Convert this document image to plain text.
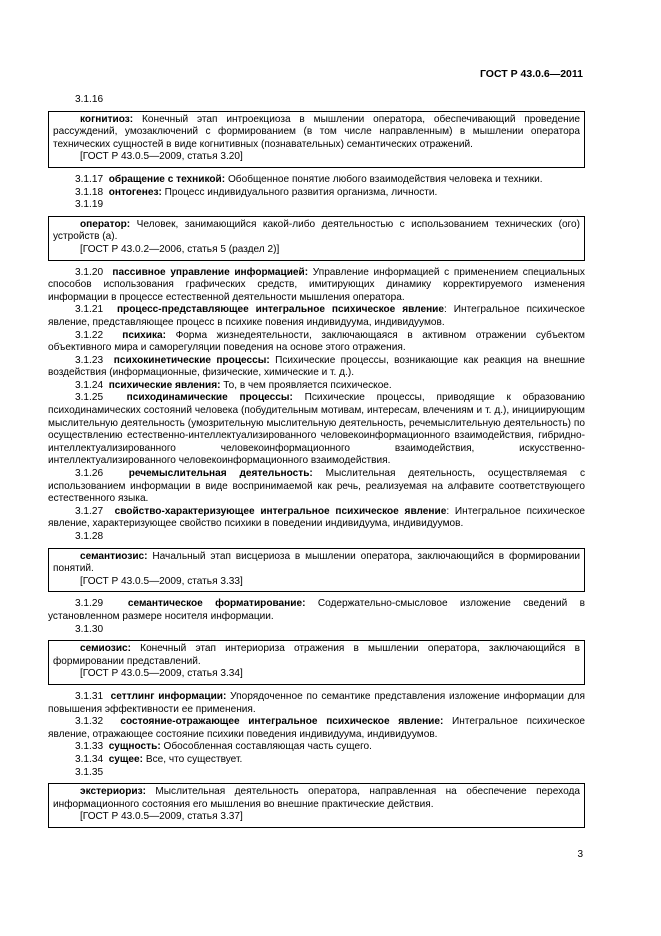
ГОСТ Р 43.0.6—2011

3.1.16

когнитиоз: Конечный этап интроекциоза в мышлении оператора, обеспечивающий проведение рассуждений, умозаключений с формированием (в том числе направленным) в мышлении оператора технических сущностей в виде когнитивных (познавательных) семантических отражений.

[ГОСТ Р 43.0.5—2009, статья 3.20]

3.1.17 обращение с техникой: Обобщенное понятие любого взаимодействия человека и техники.

3.1.18 онтогенез: Процесс индивидуального развития организма, личности.

3.1.19

оператор: Человек, занимающийся какой-либо деятельностью с использованием технических (ого) устройств (а).

[ГОСТ Р 43.0.2—2006, статья 5 (раздел 2)]

3.1.20 пассивное управление информацией: Управление информацией с применением специальных способов использования графических средств, имитирующих динамику корректируемого изменения информации в процессе естественной деятельности мышления оператора.

3.1.21 процесс-представляющее интегральное психическое явление: Интегральное психическое явление, представляющее процесс в психике повения индивидуума, индивидуумов.

3.1.22 психика: Форма жизнедеятельности, заключающаяся в активном отражении субъектом объективного мира и саморегуляции поведения на основе этого отражения.

3.1.23 психокинетические процессы: Психические процессы, возникающие как реакция на внешние воздействия (информационные, физические, химические и т. д.).

3.1.24 психические явления: То, в чем проявляется психическое.

3.1.25 психодинамические процессы: Психические процессы, приводящие к образованию психодинамических состояний человека (побудительным мотивам, интересам, влечениям и т. д.), инициирующим мыслительную деятельность (умозрительную мыслительную деятельность, речемыслительную деятельность) по осуществлению естественно-интеллектуализированного человекоинформационного взаимодействия, гибридно-интеллектуализированного человекоинформационного взаимодействия, искусственно-интеллектуализированного человекоинформационного взаимодействия.

3.1.26	речемыслительная деятельность: Мыслительная деятельность, осуществляемая с использованием информации в виде воспринимаемой как речь, реализуемая на алфавите соответствующего естественного языка.

3.1.27 свойство-характеризующее интегральное психическое явление: Интегральное психическое явление, характеризующее свойство психики в поведении индивидуума, индивидуумов.

3.1.28

семантиозис: Начальный этап висцериоза в мышлении оператора, заключающийся в формировании понятий.

[ГОСТ Р 43.0.5—2009, статья 3.33]

3.1.29 семантическое форматирование: Содержательно-смысловое изложение сведений в установленном размере носителя информации.

3.1.30

семиозис: Конечный этап интериориза отражения в мышлении оператора, заключающийся в формировании представлений.

[ГОСТ Р 43.0.5—2009, статья 3.34]

3.1.31 сеттлинг информации: Упорядоченное по семантике представления изложение информации для повышения эффективности ее применения.

3.1.32 состояние-отражающее интегральное психическое явление: Интегральное психическое явление, отражающее состояние психики поведения индивидуума, индивидуумов.

3.1.33 сущность: Обособленная составляющая часть сущего.

3.1.34 сущее: Все, что существует.

3.1.35

экстериориз: Мыслительная деятельность оператора, направленная на обеспечение перехода информационного состояния его мышления во внешние практические действия.

[ГОСТ Р 43.0.5—2009, статья 3.37]

3
